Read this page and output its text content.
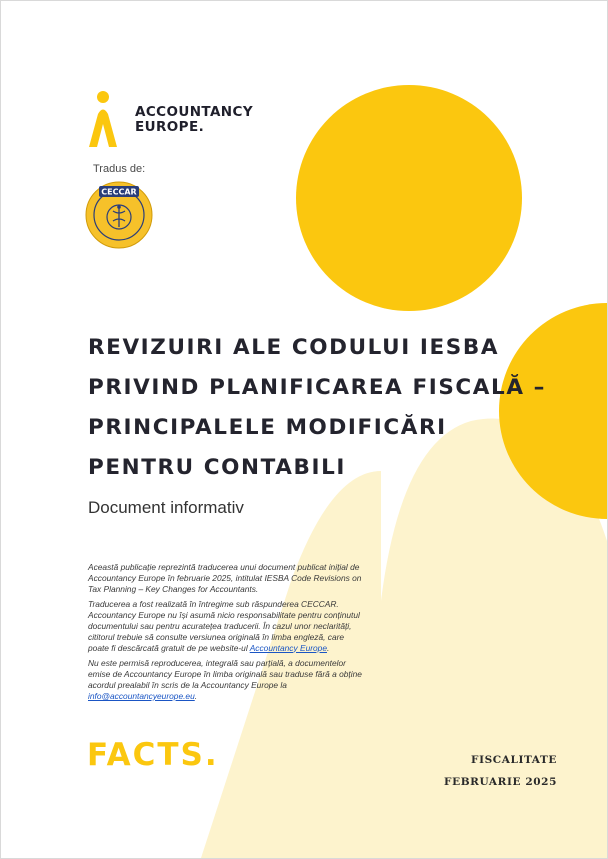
ACCOUNTANCY
EUROPE.
Tradus de:
CECCAR
REVIZUIRI ALE CODULUI IESBA
PRIVIND PLANIFICAREA FISCALĂ –
PRINCIPALELE MODIFICĂRI
PENTRU CONTABILI
Document informativ

Această publicație reprezintă traducerea unui document publicat inițial de Accountancy Europe în februarie 2025, intitulat IESBA Code Revisions on Tax Planning – Key Changes for Accountants.

Traducerea a fost realizată în întregime sub răspunderea CECCAR. Accountancy Europe nu își asumă nicio responsabilitate pentru conținutul documentului sau pentru acuratețea traducerii. În cazul unor neclarități, cititorul trebuie să consulte versiunea originală în limba engleză, care poate fi descărcată gratuit de pe website-ul Accountancy Europe.

Nu este permisă reproducerea, integrală sau parțială, a documentelor emise de Accountancy Europe în limba originală sau traduse fără a obține acordul prealabil în scris de la Accountancy Europe la info@accountancyeurope.eu.

FACTS.	FISCALITATE
FEBRUARIE 2025
